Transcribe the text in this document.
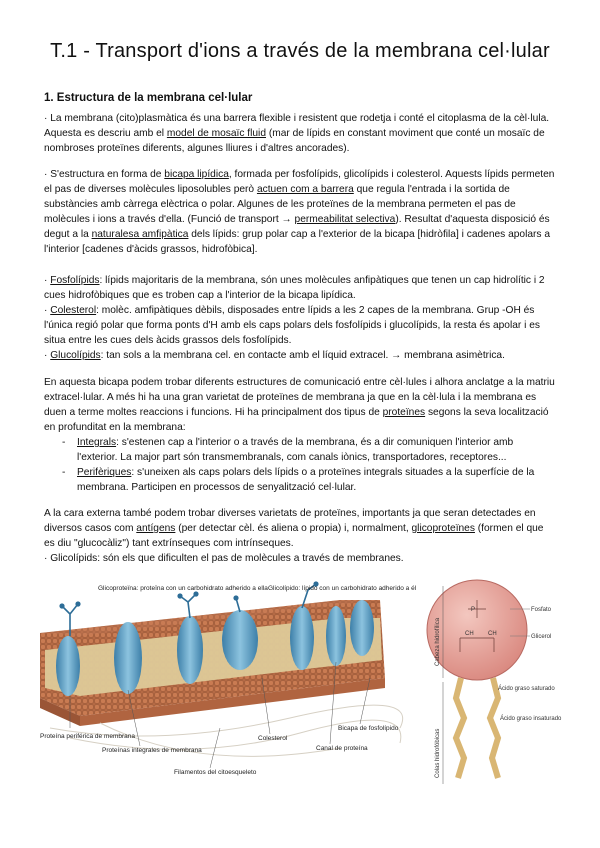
T.1 - Transport d'ions a través de la membrana cel·lular
1. Estructura de la membrana cel·lular
· La membrana (cito)plasmàtica és una barrera flexible i resistent que rodetja i conté el citoplasma de la cèl·lula. Aquesta es descriu amb el model de mosaïc fluid (mar de lípids en constant moviment que conté un mosaïc de nombroses proteïnes diferents, algunes lliures i d'altres ancorades).
· S'estructura en forma de bicapa lipídica, formada per fosfolípids, glicolípids i colesterol. Aquests lípids permeten el pas de diverses molècules liposolubles però actuen com a barrera que regula l'entrada i la sortida de substàncies amb càrrega elèctrica o polar. Algunes de les proteïnes de la membrana permeten el pas de molècules i ions a través d'ella. (Funció de transport → permeabilitat selectiva). Resultat d'aquesta disposició és degut a la naturalesa amfipàtica dels lípids: grup polar cap a l'exterior de la bicapa [hidròfila] i cadenes apolars a l'interior [cadenes d'àcids grassos, hidrofòbica].
· Fosfolípids: lípids majoritaris de la membrana, són unes molècules anfipàtiques que tenen un cap hidrolític i 2 cues hidrofòbiques que es troben cap a l'interior de la bicapa lipídica.
· Colesterol: molèc. amfipàtiques dèbils, disposades entre lípids a les 2 capes de la membrana. Grup -OH és l'única regió polar que forma ponts d'H amb els caps polars dels fosfolípids i glucolípids, la resta és apolar i es situa entre les cues dels àcids grassos dels fosfolípids.
· Glucolípids: tan sols a la membrana cel. en contacte amb el líquid extracel. → membrana asimètrica.
En aquesta bicapa podem trobar diferents estructures de comunicació entre cèl·lules i alhora anclatge a la matriu extracel·lular. A més hi ha una gran varietat de proteïnes de membrana ja que en la cèl·lula i la membrana es duen a terme moltes reaccions i funcions. Hi ha principalment dos tipus de proteïnes segons la seva localització en profunditat en la membrana:
- Integrals: s'estenen cap a l'interior o a través de la membrana, és a dir comuniquen l'interior amb l'exterior. La major part són transmembranals, com canals iònics, transportadores, receptores...
- Perifèriques: s'uneixen als caps polars dels lípids o a proteïnes integrals situades a la superfície de la membrana. Participen en processos de senyalització cel·lular.
A la cara externa també podem trobar diverses varietats de proteïnes, importants ja que seran detectades en diversos casos com antígens (per detectar cèl. és aliena o propia) i, normalment, glicoproteïnes (formen el que es diu "glucocàliz") tant extrínseques com intrínseques.
· Glicolípids: són els que dificulten el pas de molècules a través de membranes.
Glicoproteïna: proteïna con un carbohidrato adherido a ella Glicolípido: lípido con un carbohidrato adherido a él
Proteína periférica de membrana
Proteínas integrales de membrana
Colesterol
Canal de proteína
Bicapa de fosfolípido
Filamentos del citoesqueleto
P
CH CH
Fosfato
Glicerol
Ácido graso saturado
Ácido graso insaturado
Cabeza hidrofílica
Colas hidrofóbicas
